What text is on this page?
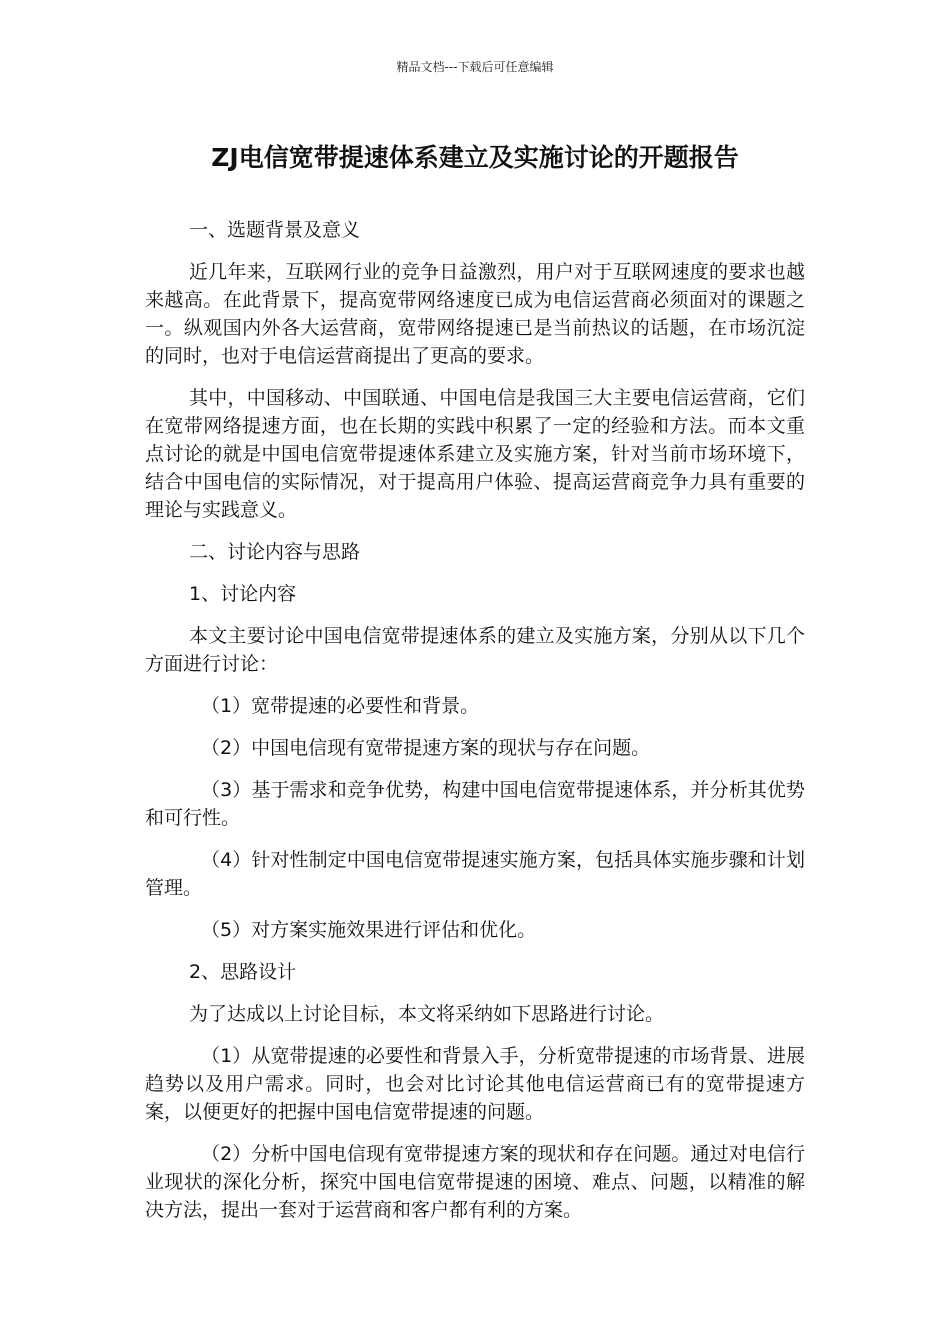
精品文档---下载后可任意编辑
ZJ电信宽带提速体系建立及实施讨论的开题报告

一、选题背景及意义

近几年来，互联网行业的竞争日益激烈，用户对于互联网速度的要求也越来越高。在此背景下，提高宽带网络速度已成为电信运营商必须面对的课题之一。纵观国内外各大运营商，宽带网络提速已是当前热议的话题，在市场沉淀的同时，也对于电信运营商提出了更高的要求。

其中，中国移动、中国联通、中国电信是我国三大主要电信运营商，它们在宽带网络提速方面，也在长期的实践中积累了一定的经验和方法。而本文重点讨论的就是中国电信宽带提速体系建立及实施方案，针对当前市场环境下，结合中国电信的实际情况，对于提高用户体验、提高运营商竞争力具有重要的理论与实践意义。

二、讨论内容与思路

1、讨论内容

本文主要讨论中国电信宽带提速体系的建立及实施方案，分别从以下几个方面进行讨论：

（1）宽带提速的必要性和背景。

（2）中国电信现有宽带提速方案的现状与存在问题。

（3）基于需求和竞争优势，构建中国电信宽带提速体系，并分析其优势和可行性。

（4）针对性制定中国电信宽带提速实施方案，包括具体实施步骤和计划管理。

（5）对方案实施效果进行评估和优化。

2、思路设计

为了达成以上讨论目标，本文将采纳如下思路进行讨论。

（1）从宽带提速的必要性和背景入手，分析宽带提速的市场背景、进展趋势以及用户需求。同时，也会对比讨论其他电信运营商已有的宽带提速方案，以便更好的把握中国电信宽带提速的问题。

（2）分析中国电信现有宽带提速方案的现状和存在问题。通过对电信行业现状的深化分析，探究中国电信宽带提速的困境、难点、问题，以精准的解决方法，提出一套对于运营商和客户都有利的方案。
